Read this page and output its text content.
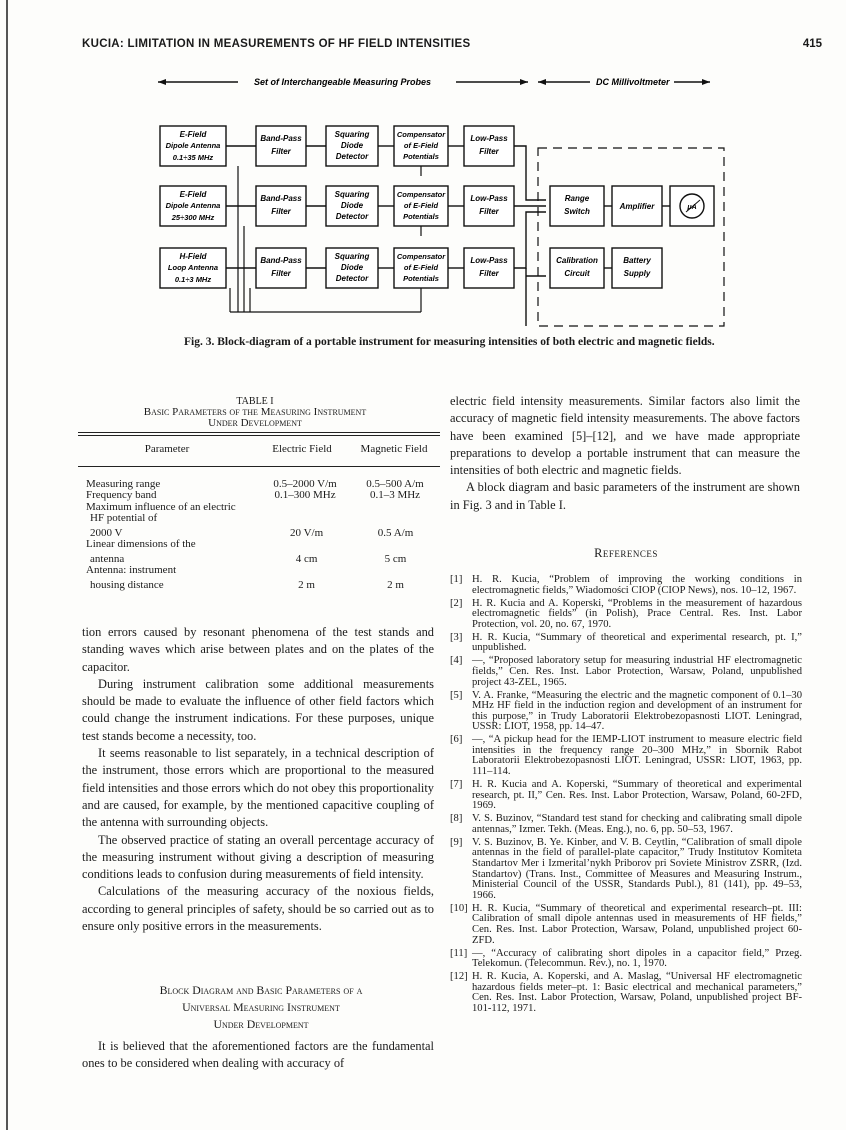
KUCIA: LIMITATION IN MEASUREMENTS OF HF FIELD INTENSITIES	415
Set of Interchangeable Measuring Probes	DC Millivoltmeter
E-Field
Dipole Antenna
0.1÷35 MHz
Band-Pass
Filter
Squaring
Diode
Detector
Compensator
of E-Field
Potentials
Low-Pass
Filter
E-Field
Dipole Antenna
25÷300 MHz
Band-Pass
Filter
Squaring
Diode
Detector
Compensator
of E-Field
Potentials
Low-Pass
Filter
H-Field
Loop Antenna
0.1÷3 MHz
Band-Pass
Filter
Squaring
Diode
Detector
Compensator
of E-Field
Potentials
Low-Pass
Filter
Range
Switch
Amplifier	μA
Calibration
Circuit
Battery
Supply
Fig. 3. Block-diagram of a portable instrument for measuring intensities of both electric and magnetic fields.
TABLE I
Basic Parameters of the Measuring Instrument
Under Development
Parameter	Electric Field	Magnetic Field
Measuring range	0.5–2000 V/m	0.5–500 A/m
Frequency band	0.1–300 MHz	0.1–3 MHz
Maximum influence of an electric
HF potential of
2000 V	20 V/m	0.5 A/m
Linear dimensions of the
antenna	4 cm	5 cm
Antenna: instrument
housing distance	2 m	2 m
tion errors caused by resonant phenomena of the test stands and standing waves which arise between plates and on the plates of the capacitor.
During instrument calibration some additional measurements should be made to evaluate the influence of other field factors which could change the instrument indications. For these purposes, unique test stands become a necessity, too.
It seems reasonable to list separately, in a technical description of the instrument, those errors which are proportional to the measured field intensities and those errors which do not obey this proportionality and are caused, for example, by the mentioned capacitive coupling of the antenna with surrounding objects.
The observed practice of stating an overall percentage accuracy of the measuring instrument without giving a description of measuring conditions leads to confusion during measurements of field intensity.
Calculations of the measuring accuracy of the noxious fields, according to general principles of safety, should be so carried out as to ensure only positive errors in the measurements.
Block Diagram and Basic Parameters of a
Universal Measuring Instrument
Under Development
It is believed that the aforementioned factors are the fundamental ones to be considered when dealing with accuracy of
electric field intensity measurements. Similar factors also limit the accuracy of magnetic field intensity measurements. The above factors have been examined [5]–[12], and we have made appropriate preparations to develop a portable instrument that can measure the intensities of both electric and magnetic fields.
A block diagram and basic parameters of the instrument are shown in Fig. 3 and in Table I.
References
[1] H. R. Kucia, “Problem of improving the working conditions in electromagnetic fields,” Wiadomości CIOP (CIOP News), nos. 10–12, 1967.
[2] H. R. Kucia and A. Koperski, “Problems in the measurement of hazardous electromagnetic fields” (in Polish), Prace Central. Res. Inst. Labor Protection, vol. 20, no. 67, 1970.
[3] H. R. Kucia, “Summary of theoretical and experimental research, pt. I,” unpublished.
[4] —, “Proposed laboratory setup for measuring industrial HF electromagnetic fields,” Cen. Res. Inst. Labor Protection, Warsaw, Poland, unpublished project 43-ZEL, 1965.
[5] V. A. Franke, “Measuring the electric and the magnetic component of 0.1–30 MHz HF field in the induction region and development of an instrument for this purpose,” in Trudy Laboratorii Elektrobezopasnosti LIOT. Leningrad, USSR: LIOT, 1958, pp. 14–47.
[6] —, “A pickup head for the IEMP-LIOT instrument to measure electric field intensities in the frequency range 20–300 MHz,” in Sbornik Rabot Laboratorii Elektrobezopasnosti LIOT. Leningrad, USSR: LIOT, 1963, pp. 111–114.
[7] H. R. Kucia and A. Koperski, “Summary of theoretical and experimental research, pt. II,” Cen. Res. Inst. Labor Protection, Warsaw, Poland, 60-2FD, 1969.
[8] V. S. Buzinov, “Standard test stand for checking and calibrating small dipole antennas,” Izmer. Tekh. (Meas. Eng.), no. 6, pp. 50–53, 1967.
[9] V. S. Buzinov, B. Ye. Kinber, and V. B. Ceytlin, “Calibration of small dipole antennas in the field of parallel-plate capacitor,” Trudy Institutov Komiteta Standartov Mer i Izmerital’nykh Priborov pri Soviete Ministrov ZSRR, (Izd. Standartov) (Trans. Inst., Committee of Measures and Measuring Instrum., Ministerial Council of the USSR, Standards Publ.), 81 (141), pp. 49–53, 1966.
[10] H. R. Kucia, “Summary of theoretical and experimental research–pt. III: Calibration of small dipole antennas used in measurements of HF fields,” Cen. Res. Inst. Labor Protection, Warsaw, Poland, unpublished project 60-ZFD.
[11] —, “Accuracy of calibrating short dipoles in a capacitor field,” Przeg. Telekomun. (Telecommun. Rev.), no. 1, 1970.
[12] H. R. Kucia, A. Koperski, and A. Maslag, “Universal HF electromagnetic hazardous fields meter–pt. 1: Basic electrical and mechanical parameters,” Cen. Res. Inst. Labor Protection, Warsaw, Poland, unpublished project BF-101-112, 1971.
